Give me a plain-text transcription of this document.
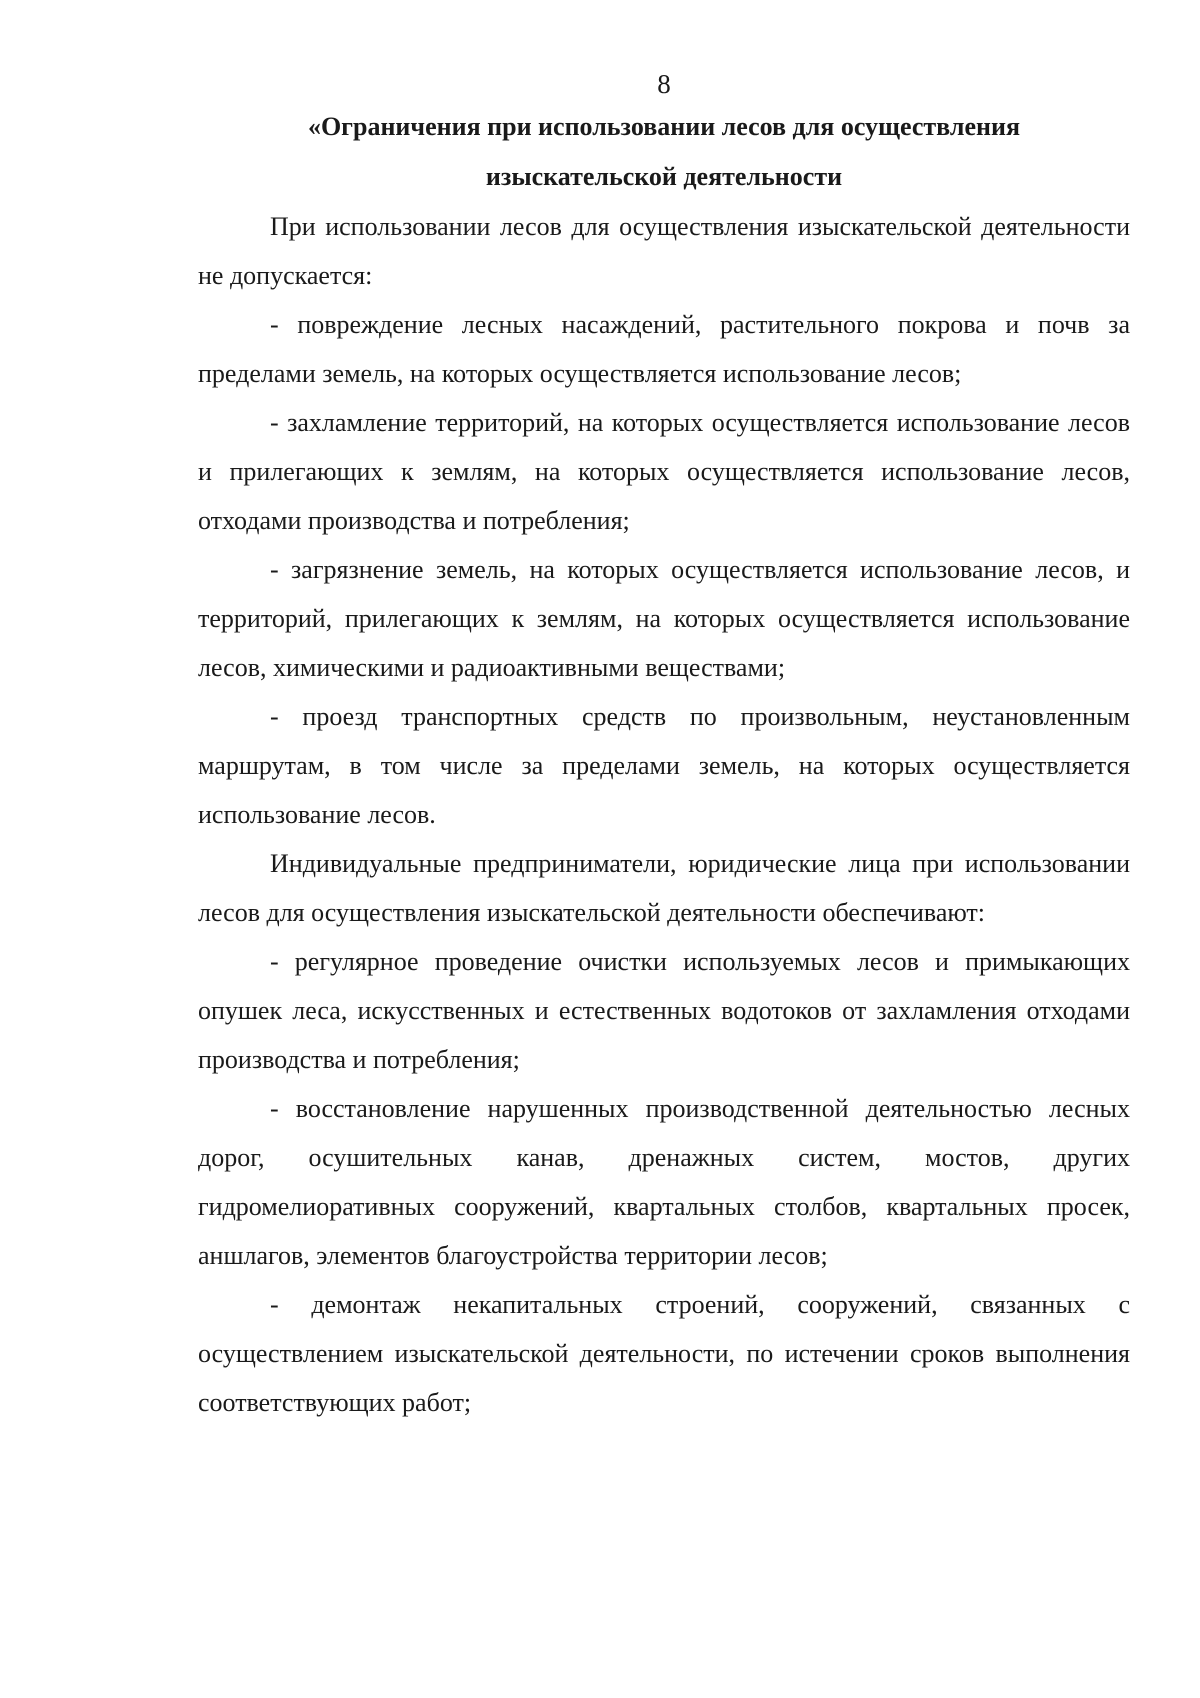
8

«Ограничения при использовании лесов для осуществления

изыскательской деятельности

При использовании лесов для осуществления изыскательской деятельности не допускается:

- повреждение лесных насаждений, растительного покрова и почв за пределами земель, на которых осуществляется использование лесов;

- захламление территорий, на которых осуществляется использование лесов и прилегающих к землям, на которых осуществляется использование лесов, отходами производства и потребления;

- загрязнение земель, на которых осуществляется использование лесов, и территорий, прилегающих к землям, на которых осуществляется использование лесов, химическими и радиоактивными веществами;

- проезд транспортных средств по произвольным, неустановленным маршрутам, в том числе за пределами земель, на которых осуществляется использование лесов.

Индивидуальные предприниматели, юридические лица при использовании лесов для осуществления изыскательской деятельности обеспечивают:

- регулярное проведение очистки используемых лесов и примыкающих опушек леса, искусственных и естественных водотоков от захламления отходами производства и потребления;

- восстановление нарушенных производственной деятельностью лесных дорог, осушительных канав, дренажных систем, мостов, других гидромелиоративных сооружений, квартальных столбов, квартальных просек, аншлагов, элементов благоустройства территории лесов;

- демонтаж некапитальных строений, сооружений, связанных с осуществлением изыскательской деятельности, по истечении сроков выполнения соответствующих работ;
